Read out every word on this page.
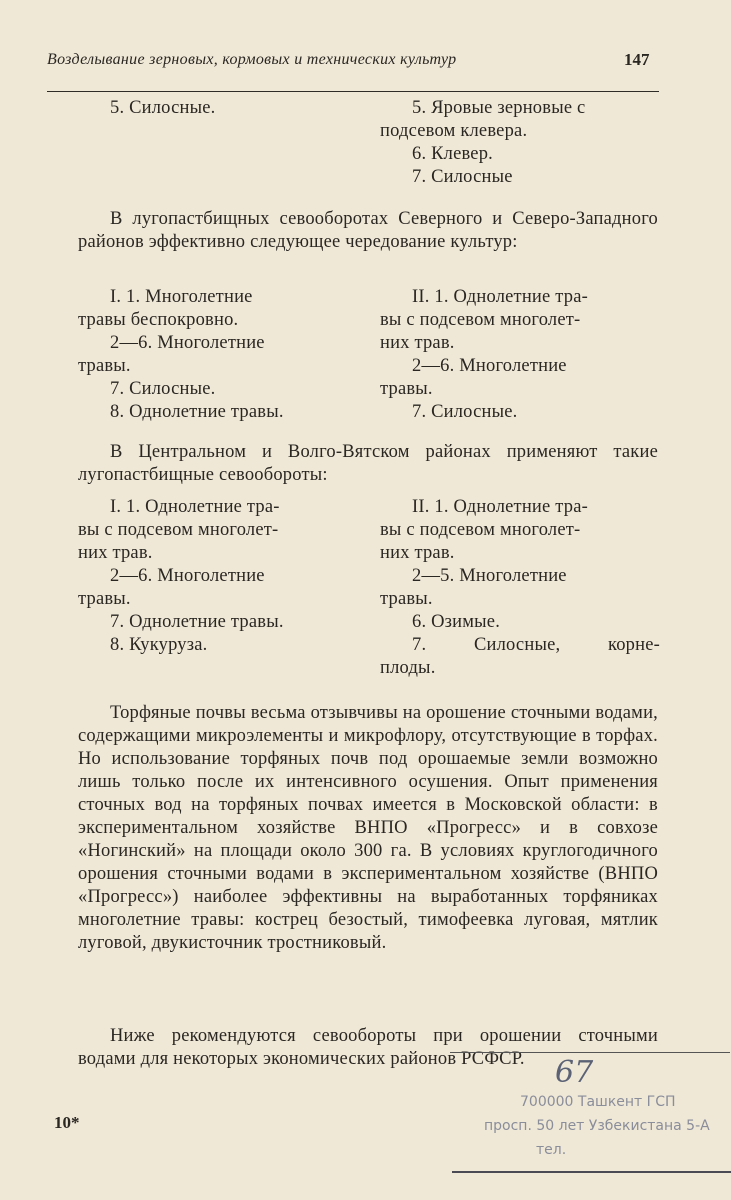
Возделывание зерновых, кормовых и технических культур	147
5. Силосные.	5. Яровые зерновые с
подсевом клевера.
6. Клевер.
7. Силосные
В лугопастбищных севооборотах Северного и Северо-Западного районов эффективно следующее чередование культур:
I. 1. Многолетние
травы беспокровно.
2—6. Многолетние
травы.
7. Силосные.
8. Однолетние травы.
II. 1. Однолетние тра-
вы с подсевом многолет-
них трав.
2—6. Многолетние
травы.
7. Силосные.
В Центральном и Волго-Вятском районах применяют такие лугопастбищные севообороты:
I. 1. Однолетние тра-
вы с подсевом многолет-
них трав.
2—6. Многолетние
травы.
7. Однолетние травы.
8. Кукуруза.
II. 1. Однолетние тра-
вы с подсевом многолет-
них трав.
2—5. Многолетние
травы.
6. Озимые.
7. Силосные, корне-
плоды.
Торфяные почвы весьма отзывчивы на орошение сточными водами, содержащими микроэлементы и микрофлору, отсутствующие в торфах. Но использование торфяных почв под орошаемые земли возможно лишь только после их интенсивного осушения. Опыт применения сточных вод на торфяных почвах имеется в Московской области: в экспериментальном хозяйстве ВНПО «Прогресс» и в совхозе «Ногинский» на площади около 300 га. В условиях круглогодичного орошения сточными водами в экспериментальном хозяйстве (ВНПО «Прогресс») наиболее эффективны на выработанных торфяниках многолетние травы: кострец безостый, тимофеевка луговая, мятлик луговой, двукисточник тростниковый.
Ниже рекомендуются севообороты при орошении сточными водами для некоторых экономических районов РСФСР.	67
10*
700000 Ташкент ГСП
просп. 50 лет Узбекистана 5-А
тел.
